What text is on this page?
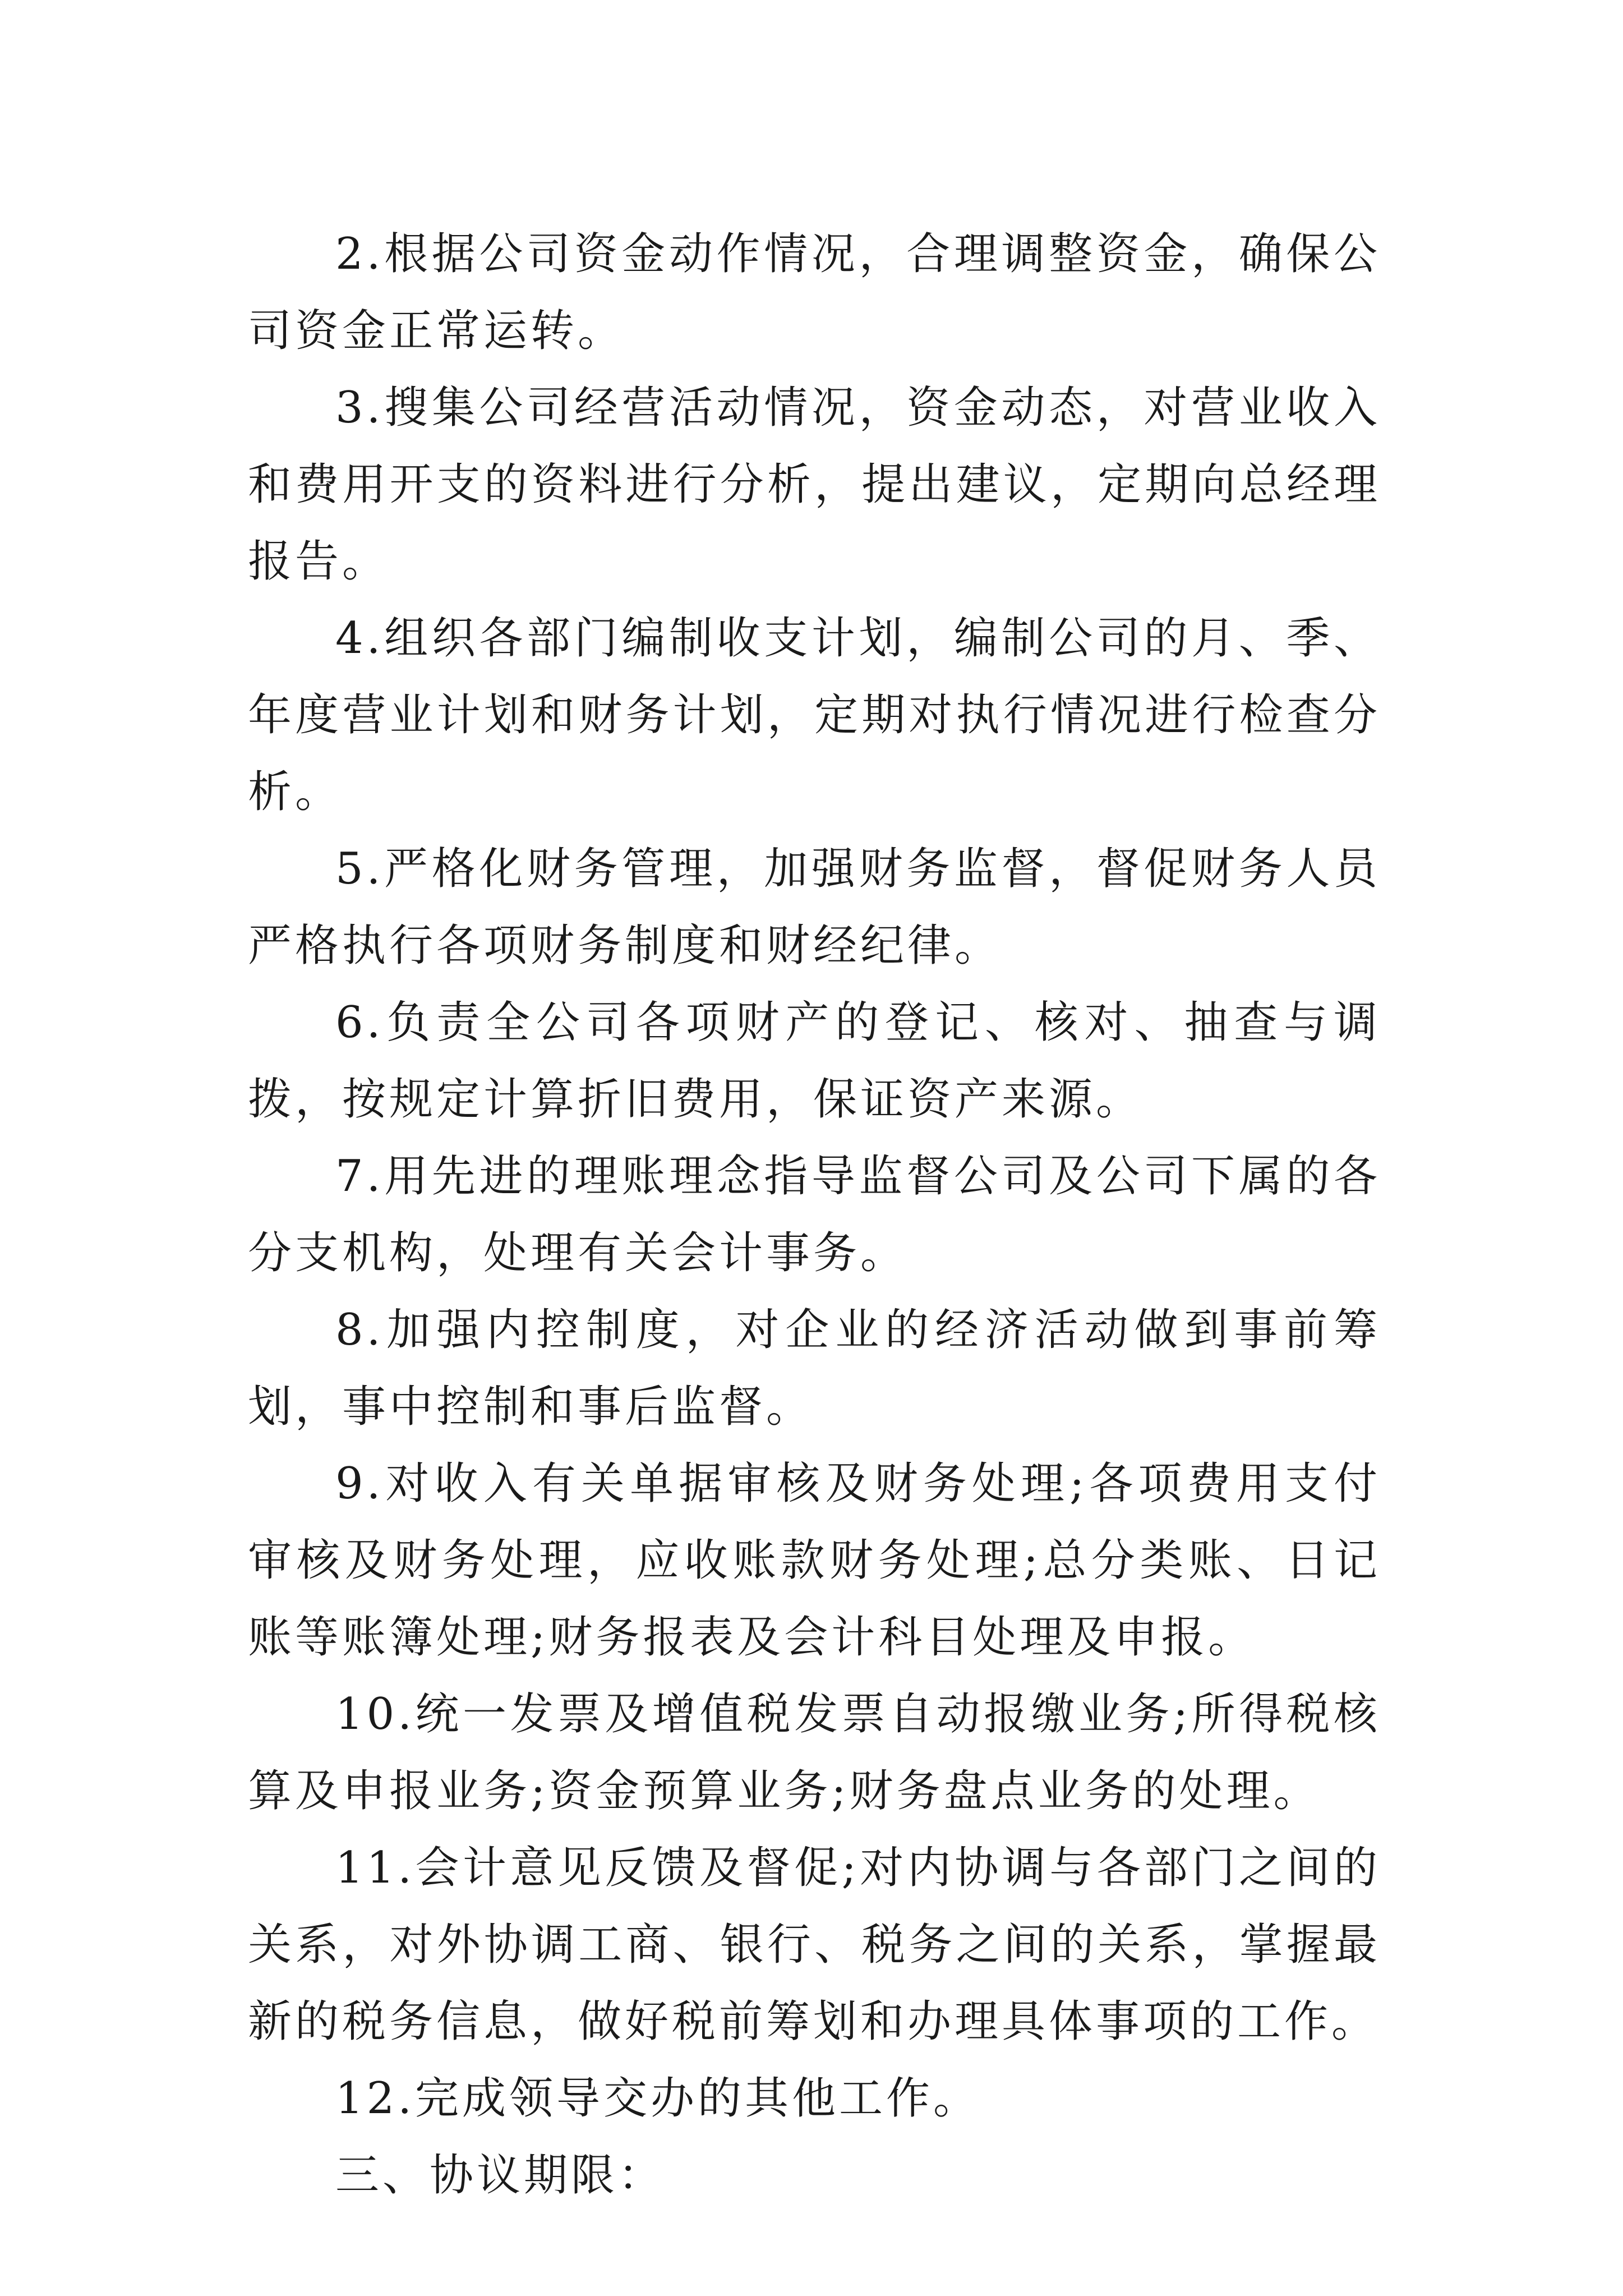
2.根据公司资金动作情况，合理调整资金，确保公司资金正常运转。

3.搜集公司经营活动情况，资金动态，对营业收入和费用开支的资料进行分析，提出建议，定期向总经理报告。

4.组织各部门编制收支计划，编制公司的月、季、年度营业计划和财务计划，定期对执行情况进行检查分析。

5.严格化财务管理，加强财务监督，督促财务人员严格执行各项财务制度和财经纪律。

6.负责全公司各项财产的登记、核对、抽查与调拨，按规定计算折旧费用，保证资产来源。

7.用先进的理账理念指导监督公司及公司下属的各分支机构，处理有关会计事务。

8.加强内控制度，对企业的经济活动做到事前筹划，事中控制和事后监督。

9.对收入有关单据审核及财务处理;各项费用支付审核及财务处理，应收账款财务处理;总分类账、日记账等账簿处理;财务报表及会计科目处理及申报。

10.统一发票及增值税发票自动报缴业务;所得税核算及申报业务;资金预算业务;财务盘点业务的处理。

11.会计意见反馈及督促;对内协调与各部门之间的关系，对外协调工商、银行、税务之间的关系，掌握最新的税务信息，做好税前筹划和办理具体事项的工作。

12.完成领导交办的其他工作。

三、协议期限：
